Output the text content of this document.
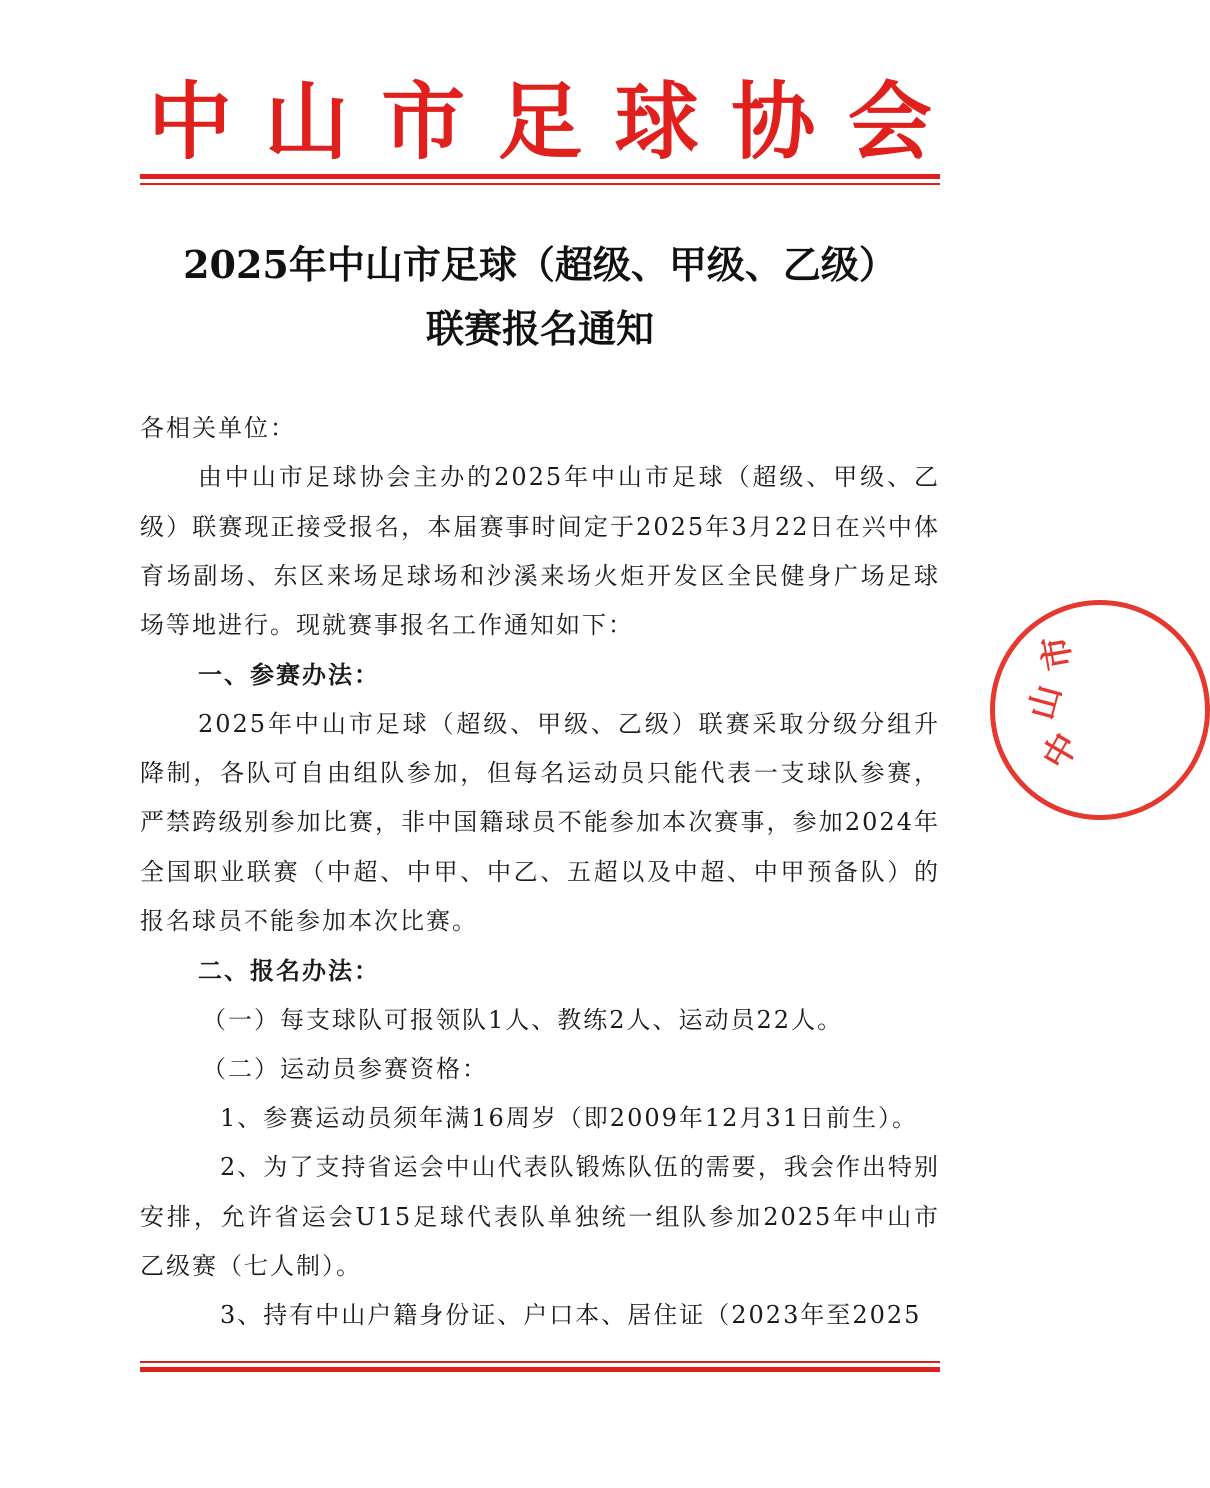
中 山 市 足 球 协 会
2025年中山市足球（超级、甲级、乙级）
联赛报名通知

各相关单位：

由中山市足球协会主办的2025年中山市足球（超级、甲级、乙级）联赛现正接受报名，本届赛事时间定于2025年3月22日在兴中体育场副场、东区来场足球场和沙溪来场火炬开发区全民健身广场足球场等地进行。现就赛事报名工作通知如下：

一、参赛办法：

2025年中山市足球（超级、甲级、乙级）联赛采取分级分组升降制，各队可自由组队参加，但每名运动员只能代表一支球队参赛，严禁跨级别参加比赛，非中国籍球员不能参加本次赛事，参加2024年全国职业联赛（中超、中甲、中乙、五超以及中超、中甲预备队）的报名球员不能参加本次比赛。

二、报名办法：

（一）每支球队可报领队1人、教练2人、运动员22人。

（二）运动员参赛资格：

1、参赛运动员须年满16周岁（即2009年12月31日前生）。

2、为了支持省运会中山代表队锻炼队伍的需要，我会作出特别安排，允许省运会U15足球代表队单独统一组队参加2025年中山市乙级赛（七人制）。

3、持有中山户籍身份证、户口本、居住证（2023年至2025

中
山
市
